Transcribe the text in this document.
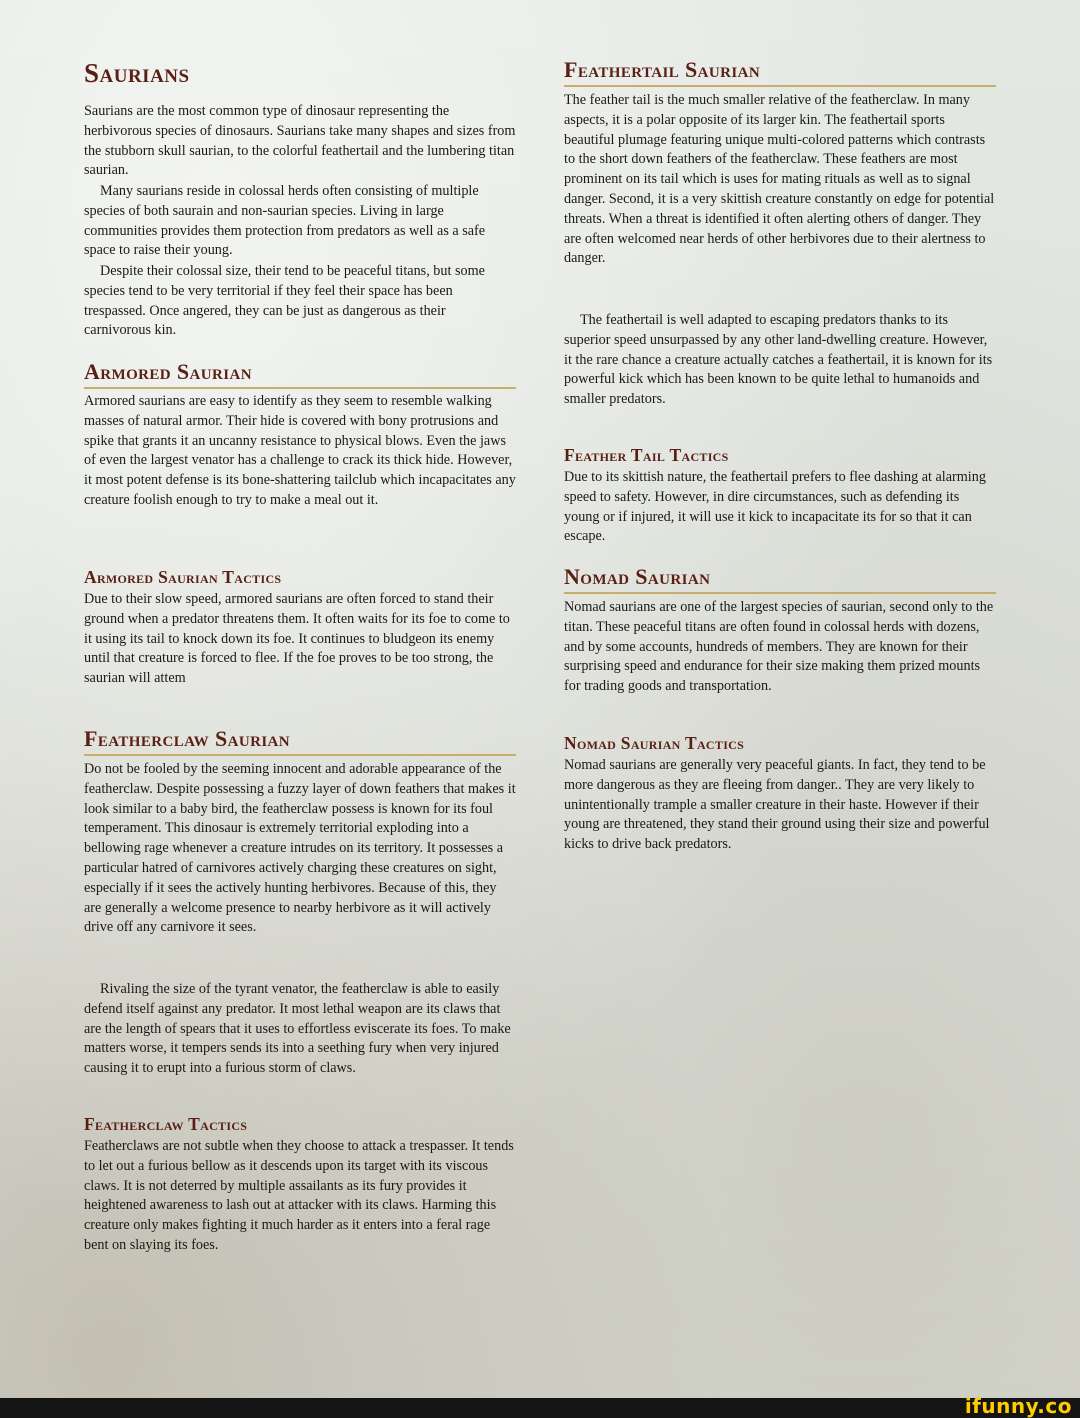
Saurians

Saurians are the most common type of dinosaur representing the herbivorous species of dinosaurs. Saurians take many shapes and sizes from the stubborn skull saurian, to the colorful feathertail and the lumbering titan saurian.

Many saurians reside in colossal herds often consisting of multiple species of both saurain and non-saurian species. Living in large communities provides them protection from predators as well as a safe space to raise their young.

Despite their colossal size, their tend to be peaceful titans, but some species tend to be very territorial if they feel their space has been trespassed. Once angered, they can be just as dangerous as their carnivorous kin.

Armored Saurian

Armored saurians are easy to identify as they seem to resemble walking masses of natural armor. Their hide is covered with bony protrusions and spike that grants it an uncanny resistance to physical blows. Even the jaws of even the largest venator has a challenge to crack its thick hide. However, it most potent defense is its bone-shattering tailclub which incapacitates any creature foolish enough to try to make a meal out it.

Armored Saurian Tactics

Due to their slow speed, armored saurians are often forced to stand their ground when a predator threatens them. It often waits for its foe to come to it using its tail to knock down its foe. It continues to bludgeon its enemy until that creature is forced to flee. If the foe proves to be too strong, the saurian will attem

Featherclaw Saurian

Do not be fooled by the seeming innocent and adorable appearance of the featherclaw. Despite possessing a fuzzy layer of down feathers that makes it look similar to a baby bird, the featherclaw possess is known for its foul temperament. This dinosaur is extremely territorial exploding into a bellowing rage whenever a creature intrudes on its territory. It possesses a particular hatred of carnivores actively charging these creatures on sight, especially if it sees the actively hunting herbivores. Because of this, they are generally a welcome presence to nearby herbivore as it will actively drive off any carnivore it sees.

Rivaling the size of the tyrant venator, the featherclaw is able to easily defend itself against any predator. It most lethal weapon are its claws that are the length of spears that it uses to effortless eviscerate its foes. To make matters worse, it tempers sends its into a seething fury when very injured causing it to erupt into a furious storm of claws.

Featherclaw Tactics

Featherclaws are not subtle when they choose to attack a trespasser. It tends to let out a furious bellow as it descends upon its target with its viscous claws. It is not deterred by multiple assailants as its fury provides it heightened awareness to lash out at attacker with its claws. Harming this creature only makes fighting it much harder as it enters into a feral rage bent on slaying its foes.

Feathertail Saurian

The feather tail is the much smaller relative of the featherclaw. In many aspects, it is a polar opposite of its larger kin. The feathertail sports beautiful plumage featuring unique multi-colored patterns which contrasts to the short down feathers of the featherclaw. These feathers are most prominent on its tail which is uses for mating rituals as well as to signal danger. Second, it is a very skittish creature constantly on edge for potential threats. When a threat is identified it often alerting others of danger. They are often welcomed near herds of other herbivores due to their alertness to danger.

The feathertail is well adapted to escaping predators thanks to its superior speed unsurpassed by any other land-dwelling creature. However, it the rare chance a creature actually catches a feathertail, it is known for its powerful kick which has been known to be quite lethal to humanoids and smaller predators.

Feather Tail Tactics

Due to its skittish nature, the feathertail prefers to flee dashing at alarming speed to safety. However, in dire circumstances, such as defending its young or if injured, it will use it kick to incapacitate its for so that it can escape.

Nomad Saurian

Nomad saurians are one of the largest species of saurian, second only to the titan. These peaceful titans are often found in colossal herds with dozens, and by some accounts, hundreds of members. They are known for their surprising speed and endurance for their size making them prized mounts for trading goods and transportation.

Nomad Saurian Tactics

Nomad saurians are generally very peaceful giants. In fact, they tend to be more dangerous as they are fleeing from danger.. They are very likely to unintentionally trample a smaller creature in their haste. However if their young are threatened, they stand their ground using their size and powerful kicks to drive back predators.

ifunny.co
